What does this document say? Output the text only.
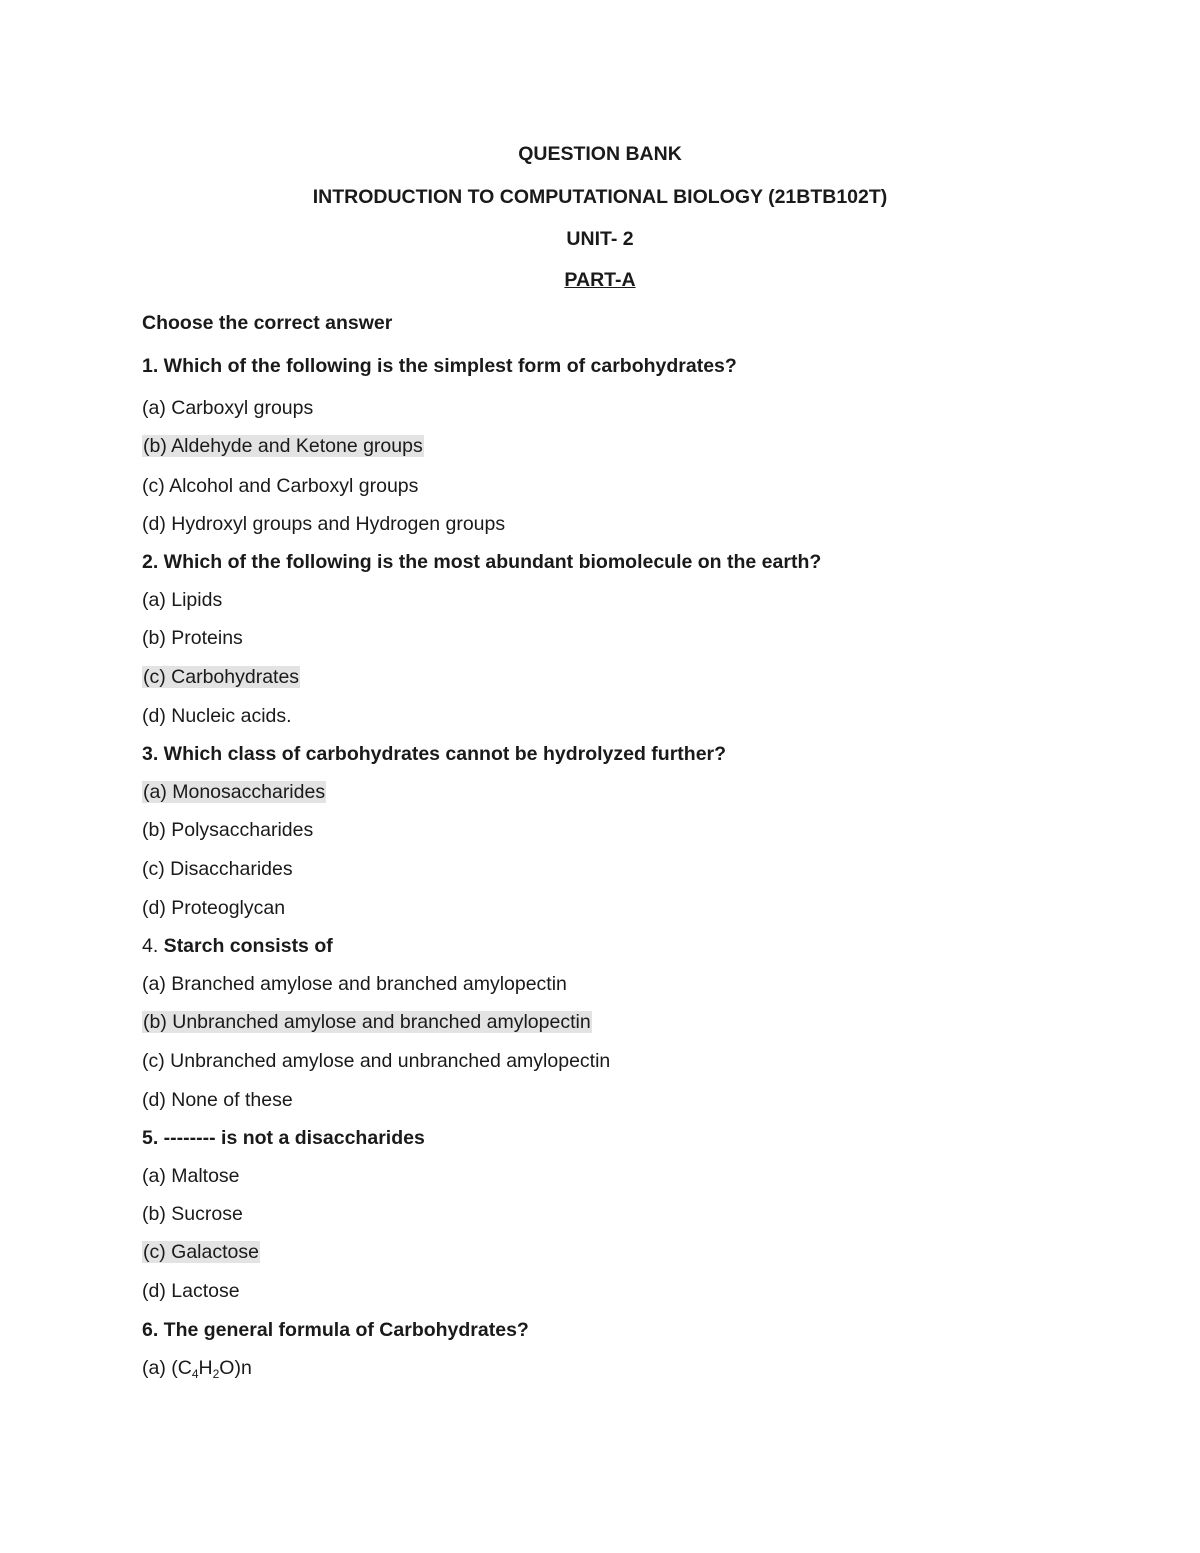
QUESTION BANK
INTRODUCTION TO COMPUTATIONAL BIOLOGY (21BTB102T)
UNIT- 2
PART-A
Choose the correct answer
1. Which of the following is the simplest form of carbohydrates?
(a) Carboxyl groups
(b) Aldehyde and Ketone groups
(c) Alcohol and Carboxyl groups
(d) Hydroxyl groups and Hydrogen groups
2. Which of the following is the most abundant biomolecule on the earth?
(a) Lipids
(b) Proteins
(c) Carbohydrates
(d) Nucleic acids.
3. Which class of carbohydrates cannot be hydrolyzed further?
(a) Monosaccharides
(b) Polysaccharides
(c) Disaccharides
(d) Proteoglycan
4. Starch consists of
(a) Branched amylose and branched amylopectin
(b) Unbranched amylose and branched amylopectin
(c) Unbranched amylose and unbranched amylopectin
(d) None of these
5. -------- is not a disaccharides
(a) Maltose
(b) Sucrose
(c) Galactose
(d) Lactose
6. The general formula of Carbohydrates?
(a) $(C_4H_2O)n$
